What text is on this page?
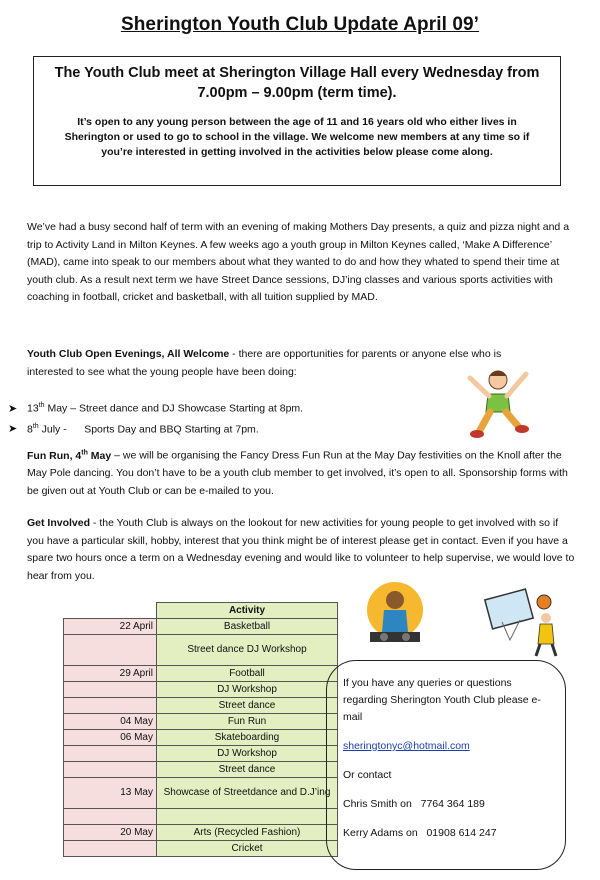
Sherington Youth Club Update April 09’
The Youth Club meet at Sherington Village Hall every Wednesday from 7.00pm – 9.00pm (term time).
It’s open to any young person between the age of 11 and 16 years old who either lives in Sherington or used to go to school in the village. We welcome new members at any time so if you’re interested in getting involved in the activities below please come along.
We’ve had a busy second half of term with an evening of making Mothers Day presents, a quiz and pizza night and a trip to Activity Land in Milton Keynes. A few weeks ago a youth group in Milton Keynes called, ‘Make A Difference’ (MAD), came into speak to our members about what they wanted to do and how they whated to spend their time at youth club. As a result next term we have Street Dance sessions, DJ’ing classes and various sports activities with coaching in football, cricket and basketball, with all tuition supplied by MAD.
Youth Club Open Evenings, All Welcome - there are opportunities for parents or anyone else who is interested to see what the young people have been doing:
➤ 13th May – Street dance and DJ Showcase Starting at 8pm.
➤ 8th July -      Sports Day and BBQ Starting at 7pm.
Fun Run, 4th May – we will be organising the Fancy Dress Fun Run at the May Day festivities on the Knoll after the May Pole dancing. You don’t have to be a youth club member to get involved, it’s open to all. Sponsorship forms with be given out at Youth Club or can be e-mailed to you.
Get Involved - the Youth Club is always on the lookout for new activities for young people to get involved with so if you have a particular skill, hobby, interest that you think might be of interest please get in contact. Even if you have a spare two hours once a term on a Wednesday evening and would like to volunteer to help supervise, we would love to hear from you.
	Activity
22 April	Basketball
	Street dance DJ Workshop
29 April	Football
	DJ Workshop
	Street dance
04 May	Fun Run
06 May	Skateboarding
	DJ Workshop
	Street dance
13 May	Showcase of Streetdance and D.J’ing

20 May	Arts (Recycled Fashion)
	Cricket
If you have any queries or questions regarding Sherington Youth Club please e-mail
sheringtonyc@hotmail.com
Or contact
Chris Smith on 7764 364 189
Kerry Adams on 01908 614 247
